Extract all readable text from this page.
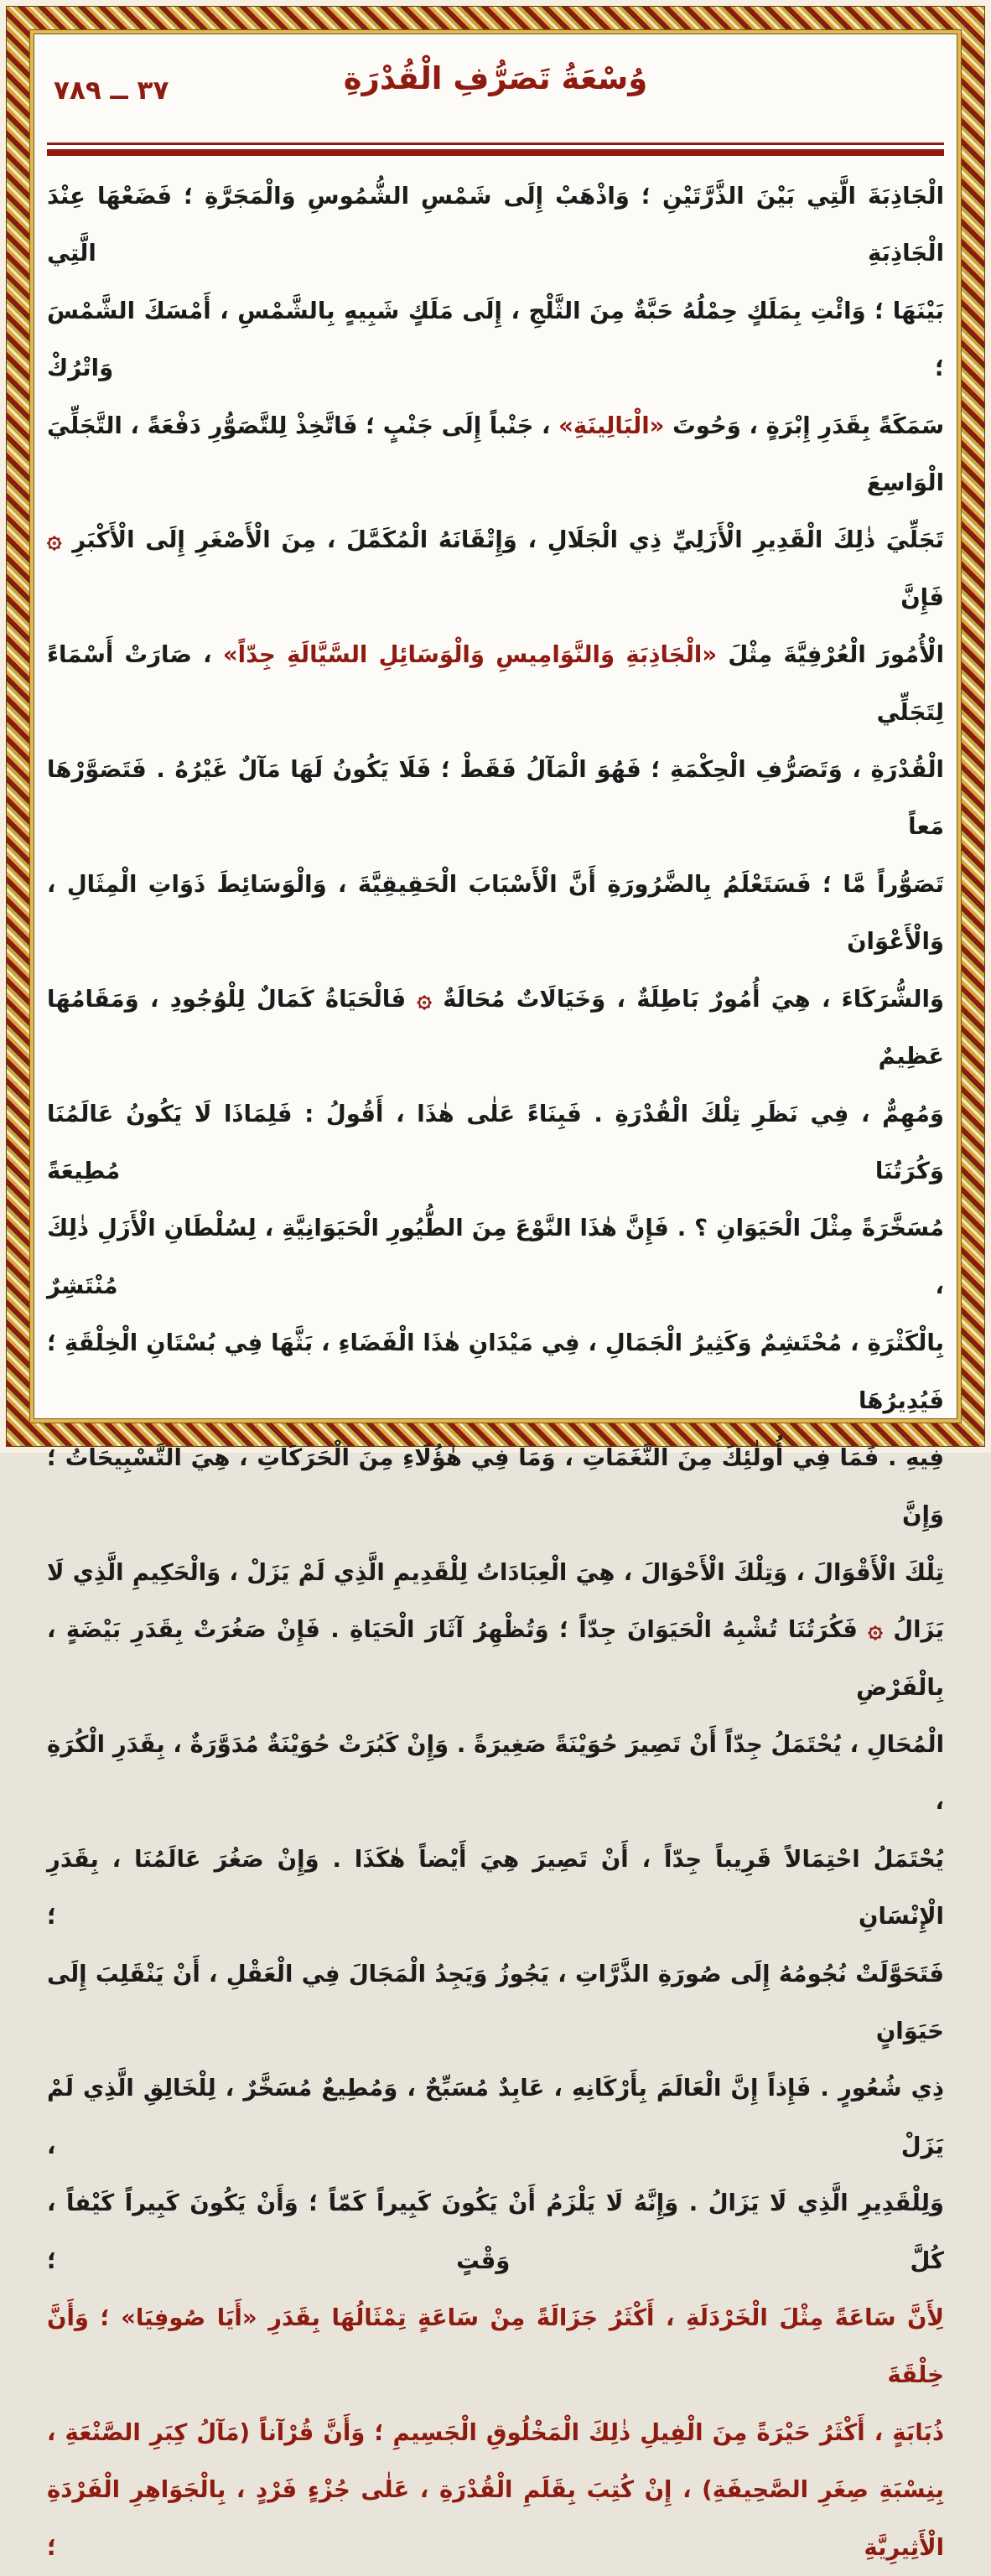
٣٧ ــ ٧٨٩	وُسْعَةُ تَصَرُّفِ الْقُدْرَةِ

الْجَاذِبَةَ الَّتِي بَيْنَ الذَّرَّتَيْنِ ؛ وَاذْهَبْ إِلَى شَمْسِ الشُّمُوسِ وَالْمَجَرَّةِ ؛ فَضَعْهَا عِنْدَ الْجَاذِبَةِ الَّتِي

بَيْنَهَا ؛ وَائْتِ بِمَلَكٍ حِمْلُهُ حَبَّةٌ مِنَ الثَّلْجِ ، إِلَى مَلَكٍ شَبِيهٍ بِالشَّمْسِ ، أَمْسَكَ الشَّمْسَ ؛ وَاتْرُكْ

سَمَكَةً بِقَدَرِ إِبْرَةٍ ، وَحُوتَ «الْبَالِينَةِ» ، جَنْباً إِلَى جَنْبٍ ؛ فَاتَّخِذْ لِلتَّصَوُّرِ دَفْعَةً ، التَّجَلِّيَ الْوَاسِعَ

تَجَلِّيَ ذٰلِكَ الْقَدِيرِ الْأَزَلِيِّ ذِي الْجَلَالِ ، وَإِتْقَانَهُ الْمُكَمَّلَ ، مِنَ الْأَصْغَرِ إِلَى الْأَكْبَرِ ۞ فَإِنَّ

الْأُمُورَ الْعُرْفِيَّةَ مِثْلَ «الْجَاذِبَةِ وَالنَّوَامِيسِ وَالْوَسَائِلِ السَّيَّالَةِ جِدّاً» ، صَارَتْ أَسْمَاءً لِتَجَلِّي

الْقُدْرَةِ ، وَتَصَرُّفِ الْحِكْمَةِ ؛ فَهُوَ الْمَآلُ فَقَطْ ؛ فَلَا يَكُونُ لَهَا مَآلٌ غَيْرُهُ . فَتَصَوَّرْهَا مَعاً

تَصَوُّراً مَّا ؛ فَسَتَعْلَمُ بِالضَّرُورَةِ أَنَّ الْأَسْبَابَ الْحَقِيقِيَّةَ ، وَالْوَسَائِطَ ذَوَاتِ الْمِثَالِ ، وَالْأَعْوَانَ

وَالشُّرَكَاءَ ، هِيَ أُمُورٌ بَاطِلَةٌ ، وَخَيَالَاتٌ مُحَالَةٌ ۞ فَالْحَيَاةُ كَمَالٌ لِلْوُجُودِ ، وَمَقَامُهَا عَظِيمٌ

وَمُهِمٌّ ، فِي نَظَرِ تِلْكَ الْقُدْرَةِ . فَبِنَاءً عَلٰى هٰذَا ، أَقُولُ : فَلِمَاذَا لَا يَكُونُ عَالَمُنَا وَكُرَتُنَا مُطِيعَةً

مُسَخَّرَةً مِثْلَ الْحَيَوَانِ ؟ . فَإِنَّ هٰذَا النَّوْعَ مِنَ الطُّيُورِ الْحَيَوَانِيَّةِ ، لِسُلْطَانِ الْأَزَلِ ذٰلِكَ ، مُنْتَشِرٌ

بِالْكَثْرَةِ ، مُحْتَشِمٌ وَكَثِيرُ الْجَمَالِ ، فِي مَيْدَانِ هٰذَا الْفَضَاءِ ، بَثَّهَا فِي بُسْتَانِ الْخِلْقَةِ ؛ فَيُدِيرُهَا

فِيهِ . فَمَا فِي أُولٰئِكَ مِنَ النَّغَمَاتِ ، وَمَا فِي هٰؤُلَاءِ مِنَ الْحَرَكَاتِ ، هِيَ التَّسْبِيحَاتُ ؛ وَإِنَّ

تِلْكَ الْأَقْوَالَ ، وَتِلْكَ الْأَحْوَالَ ، هِيَ الْعِبَادَاتُ لِلْقَدِيمِ الَّذِي لَمْ يَزَلْ ، وَالْحَكِيمِ الَّذِي لَا

يَزَالُ ۞ فَكُرَتُنَا تُشْبِهُ الْحَيَوَانَ جِدّاً ؛ وَتُظْهِرُ آثَارَ الْحَيَاةِ . فَإِنْ صَغُرَتْ بِقَدَرِ بَيْضَةٍ ، بِالْفَرْضِ

الْمُحَالِ ، يُحْتَمَلُ جِدّاً أَنْ تَصِيرَ حُوَيْنَةً صَغِيرَةً . وَإِنْ كَبُرَتْ حُوَيْنَةٌ مُدَوَّرَةٌ ، بِقَدَرِ الْكُرَةِ ،

يُحْتَمَلُ احْتِمَالاً قَرِيباً جِدّاً ، أَنْ تَصِيرَ هِيَ أَيْضاً هٰكَذَا . وَإِنْ صَغُرَ عَالَمُنَا ، بِقَدَرِ الْإِنْسَانِ ؛

فَتَحَوَّلَتْ نُجُومُهُ إِلَى صُورَةِ الذَّرَّاتِ ، يَجُوزُ وَيَجِدُ الْمَجَالَ فِي الْعَقْلِ ، أَنْ يَنْقَلِبَ إِلَى حَيَوَانٍ

ذِي شُعُورٍ . فَإِذاً إِنَّ الْعَالَمَ بِأَرْكَانِهِ ، عَابِدٌ مُسَبِّحٌ ، وَمُطِيعٌ مُسَخَّرٌ ، لِلْخَالِقِ الَّذِي لَمْ يَزَلْ ،

وَلِلْقَدِيرِ الَّذِي لَا يَزَالُ . وَإِنَّهُ لَا يَلْزَمُ أَنْ يَكُونَ كَبِيراً كَمّاً ؛ وَأَنْ يَكُونَ كَبِيراً كَيْفاً ، كُلَّ وَقْتٍ ؛

لِأَنَّ سَاعَةً مِثْلَ الْخَرْدَلَةِ ، أَكْثَرُ جَزَالَةً مِنْ سَاعَةٍ تِمْثَالُهَا بِقَدَرِ «أَيَا صُوفِيَا» ؛ وَأَنَّ خِلْقَةَ

ذُبَابَةٍ ، أَكْثَرُ حَيْرَةً مِنَ الْفِيلِ ذٰلِكَ الْمَخْلُوقِ الْجَسِيمِ ؛ وَأَنَّ قُرْآناً (مَآلُ كِبَرِ الصَّنْعَةِ ،

بِنِسْبَةِ صِغَرِ الصَّحِيفَةِ) ، إِنْ كُتِبَ بِقَلَمِ الْقُدْرَةِ ، عَلٰى جُزْءٍ فَرْدٍ ، بِالْجَوَاهِرِ الْفَرْدَةِ الْأَثِيرِيَّةِ ؛
